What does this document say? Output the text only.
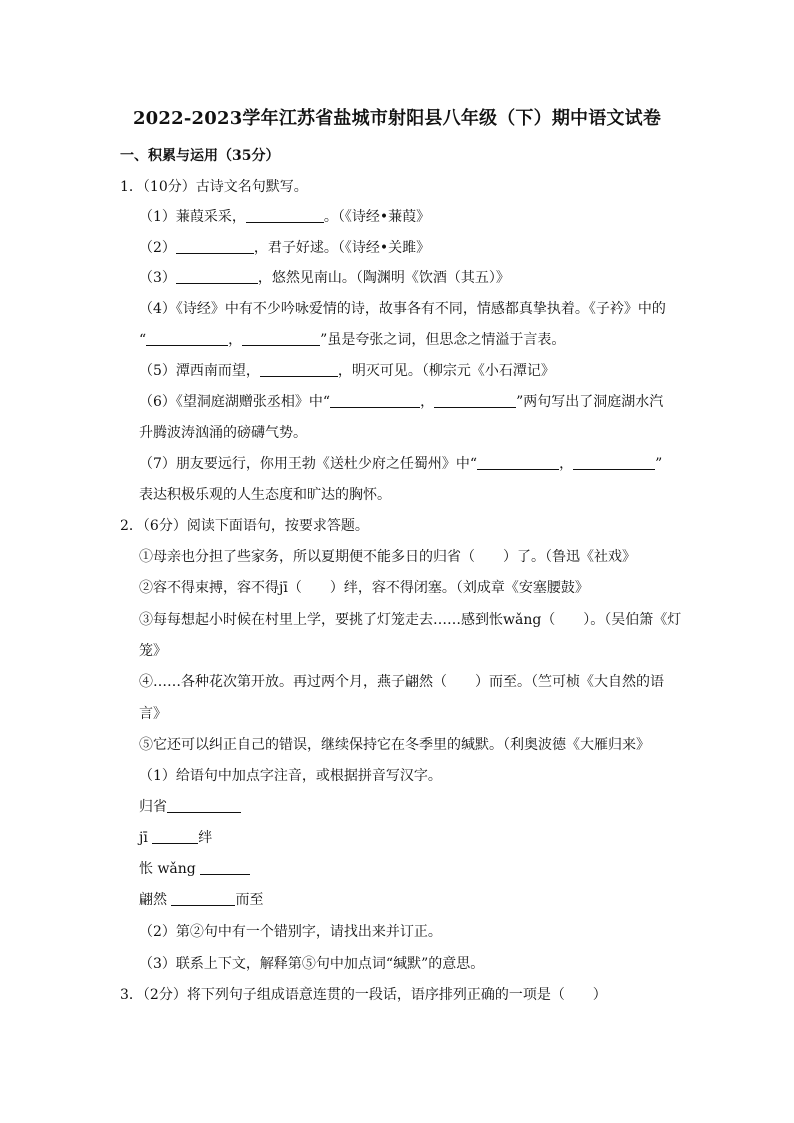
2022-2023学年江苏省盐城市射阳县八年级（下）期中语文试卷
一、积累与运用（35分）
1．（10分）古诗文名句默写。
（1）蒹葭采采，	。（《诗经•蒹葭》
（2）	，君子好逑。（《诗经•关雎》
（3）	，悠然见南山。（陶渊明《饮酒（其五）》
（4）《诗经》中有不少吟咏爱情的诗，故事各有不同，情感都真挚执着。《子衿》中的
“	，	”虽是夸张之词，但思念之情溢于言表。
（5）潭西南而望，	，明灭可见。（柳宗元《小石潭记》
（6）《望洞庭湖赠张丞相》中“	，	”两句写出了洞庭湖水汽
升腾波涛汹涌的磅礴气势。
（7）朋友要远行，你用王勃《送杜少府之任蜀州》中“	，	”
表达积极乐观的人生态度和旷达的胸怀。
2．（6分）阅读下面语句，按要求答题。
①母亲也分担了些家务，所以夏期便不能多日的归省（　　）了。（鲁迅《社戏》
②容不得束搏，容不得jī（　　）绊，容不得闭塞。（刘成章《安塞腰鼓》
③每每想起小时候在村里上学，要挑了灯笼走去……感到怅wǎng（　　）。（吴伯箫《灯
笼》
④……各种花次第开放。再过两个月，燕子翩然（　　）而至。（竺可桢《大自然的语
言》
⑤它还可以纠正自己的错误，继续保持它在冬季里的缄默。（利奥波德《大雁归来》
（1）给语句中加点字注音，或根据拼音写汉字。
归省
jī	绊
怅 wǎng
翩然	而至
（2）第②句中有一个错别字，请找出来并订正。
（3）联系上下文，解释第⑤句中加点词“缄默”的意思。
3．（2分）将下列句子组成语意连贯的一段话，语序排列正确的一项是（　　）
